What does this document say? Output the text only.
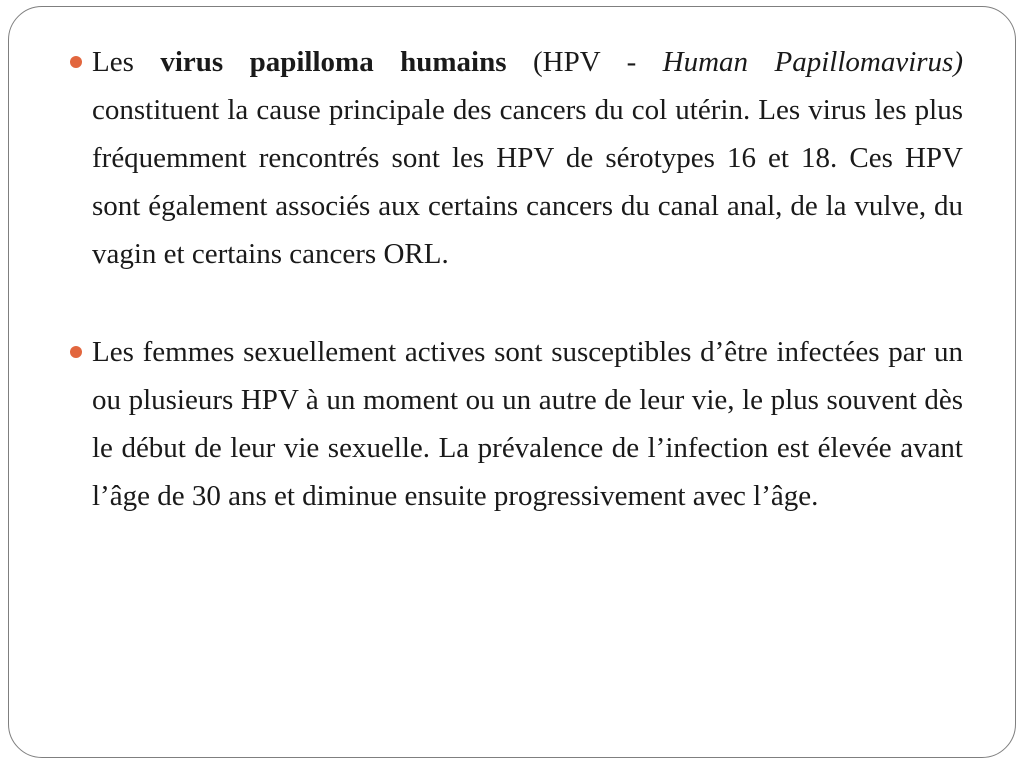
Les virus papilloma humains (HPV - Human Papillomavirus) constituent la cause principale des cancers du col utérin. Les virus les plus fréquemment rencontrés sont les HPV de sérotypes 16 et 18. Ces HPV sont également associés aux certains cancers du canal anal, de la vulve, du vagin et certains cancers ORL.

Les femmes sexuellement actives sont susceptibles d’être infectées par un ou plusieurs HPV à un moment ou un autre de leur vie, le plus souvent dès le début de leur vie sexuelle. La prévalence de l’infection est élevée avant l’âge de 30 ans et diminue ensuite progressivement avec l’âge.
